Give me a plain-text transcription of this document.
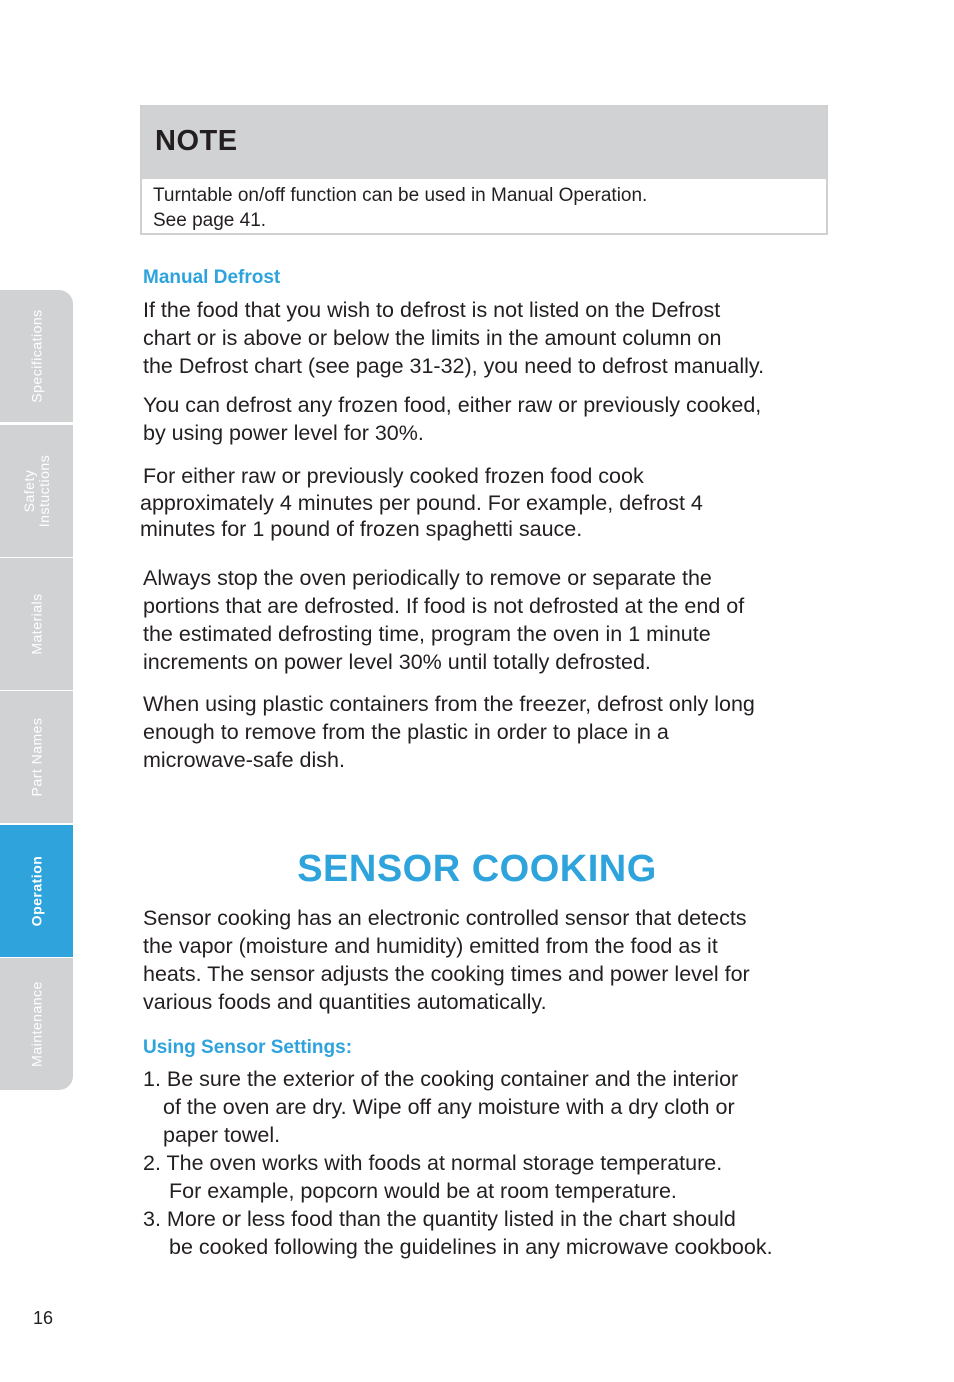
NOTE
Turntable on/off function can be used in Manual Operation.
See page 41.
Manual Defrost

If the food that you wish to defrost is not listed on the Defrost
chart or is above or below the limits in the amount column on
the Defrost chart (see page 31-32), you need to defrost manually.

You can defrost any frozen food, either raw or previously cooked,
by using power level for 30%.

For either raw or previously cooked frozen food cook
approximately 4 minutes per pound. For example, defrost 4
minutes for 1 pound of frozen spaghetti sauce.

Always stop the oven periodically to remove or separate the
portions that are defrosted. If food is not defrosted at the end of
the estimated defrosting time, program the oven in 1 minute
increments on power level 30% until totally defrosted.

When using plastic containers from the freezer, defrost only long
enough to remove from the plastic in order to place in a
microwave-safe dish.

SENSOR COOKING

Sensor cooking has an electronic controlled sensor that detects
the vapor (moisture and humidity) emitted from the food as it
heats. The sensor adjusts the cooking times and power level for
various foods and quantities automatically.

Using Sensor Settings:

1. Be sure the exterior of the cooking container and the interior
of the oven are dry. Wipe off any moisture with a dry cloth or
paper towel.
2. The oven works with foods at normal storage temperature.
For example, popcorn would be at room temperature.
3. More or less food than the quantity listed in the chart should
be cooked following the guidelines in any microwave cookbook.

Specifications
Safety Instuctions
Materials
Part Names
Operation
Maintenance
16
